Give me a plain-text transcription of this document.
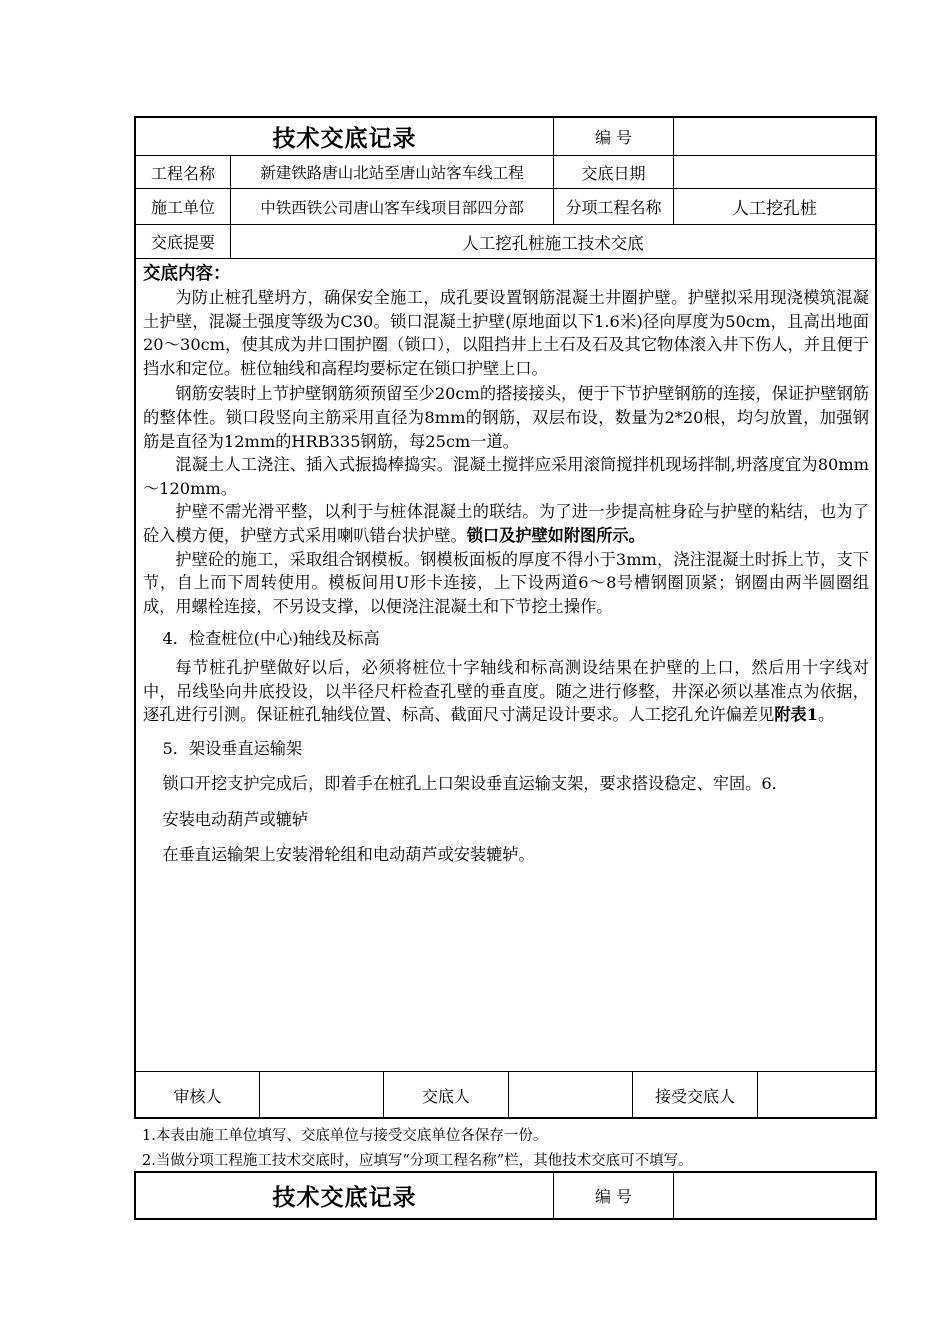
技术交底记录	编 号
工程名称	新建铁路唐山北站至唐山站客车线工程	交底日期
施工单位	中铁西铁公司唐山客车线项目部四分部	分项工程名称	人工挖孔桩
交底提要	人工挖孔桩施工技术交底
交底内容：

为防止桩孔壁坍方，确保安全施工，成孔要设置钢筋混凝土井圈护壁。护壁拟采用现浇模筑混凝土护壁，混凝土强度等级为C30。锁口混凝土护壁(原地面以下1.6米)径向厚度为50cm，且高出地面20～30cm，使其成为井口围护圈（锁口），以阻挡井上土石及石及其它物体滚入井下伤人，并且便于挡水和定位。桩位轴线和高程均要标定在锁口护壁上口。

钢筋安装时上节护壁钢筋须预留至少20cm的搭接接头，便于下节护壁钢筋的连接，保证护壁钢筋的整体性。锁口段竖向主筋采用直径为8mm的钢筋，双层布设，数量为2*20根，均匀放置，加强钢筋是直径为12mm的HRB335钢筋，每25cm一道。

混凝土人工浇注、插入式振捣棒捣实。混凝土搅拌应采用滚筒搅拌机现场拌制,坍落度宜为80mm～120mm。

护壁不需光滑平整，以利于与桩体混凝土的联结。为了进一步提高桩身砼与护壁的粘结，也为了砼入模方便，护壁方式采用喇叭错台状护壁。锁口及护壁如附图所示。

护壁砼的施工，采取组合钢模板。钢模板面板的厚度不得小于3mm，浇注混凝土时拆上节，支下节，自上而下周转使用。模板间用U形卡连接，上下设两道6～8号槽钢圈顶紧；钢圈由两半圆圈组成，用螺栓连接，不另设支撑，以便浇注混凝土和下节挖土操作。

4．检查桩位(中心)轴线及标高

每节桩孔护壁做好以后，必须将桩位十字轴线和标高测设结果在护壁的上口，然后用十字线对中，吊线坠向井底投设，以半径尺杆检查孔壁的垂直度。随之进行修整，井深必须以基准点为依据，逐孔进行引测。保证桩孔轴线位置、标高、截面尺寸满足设计要求。人工挖孔允许偏差见附表1。

5．架设垂直运输架

锁口开挖支护完成后，即着手在桩孔上口架设垂直运输支架，要求搭设稳定、牢固。6．

安装电动葫芦或辘轳

在垂直运输架上安装滑轮组和电动葫芦或安装辘轳。

审核人	交底人	接受交底人
1.本表由施工单位填写、交底单位与接受交底单位各保存一份。
2.当做分项工程施工技术交底时，应填写“分项工程名称”栏，其他技术交底可不填写。
技术交底记录	编 号
